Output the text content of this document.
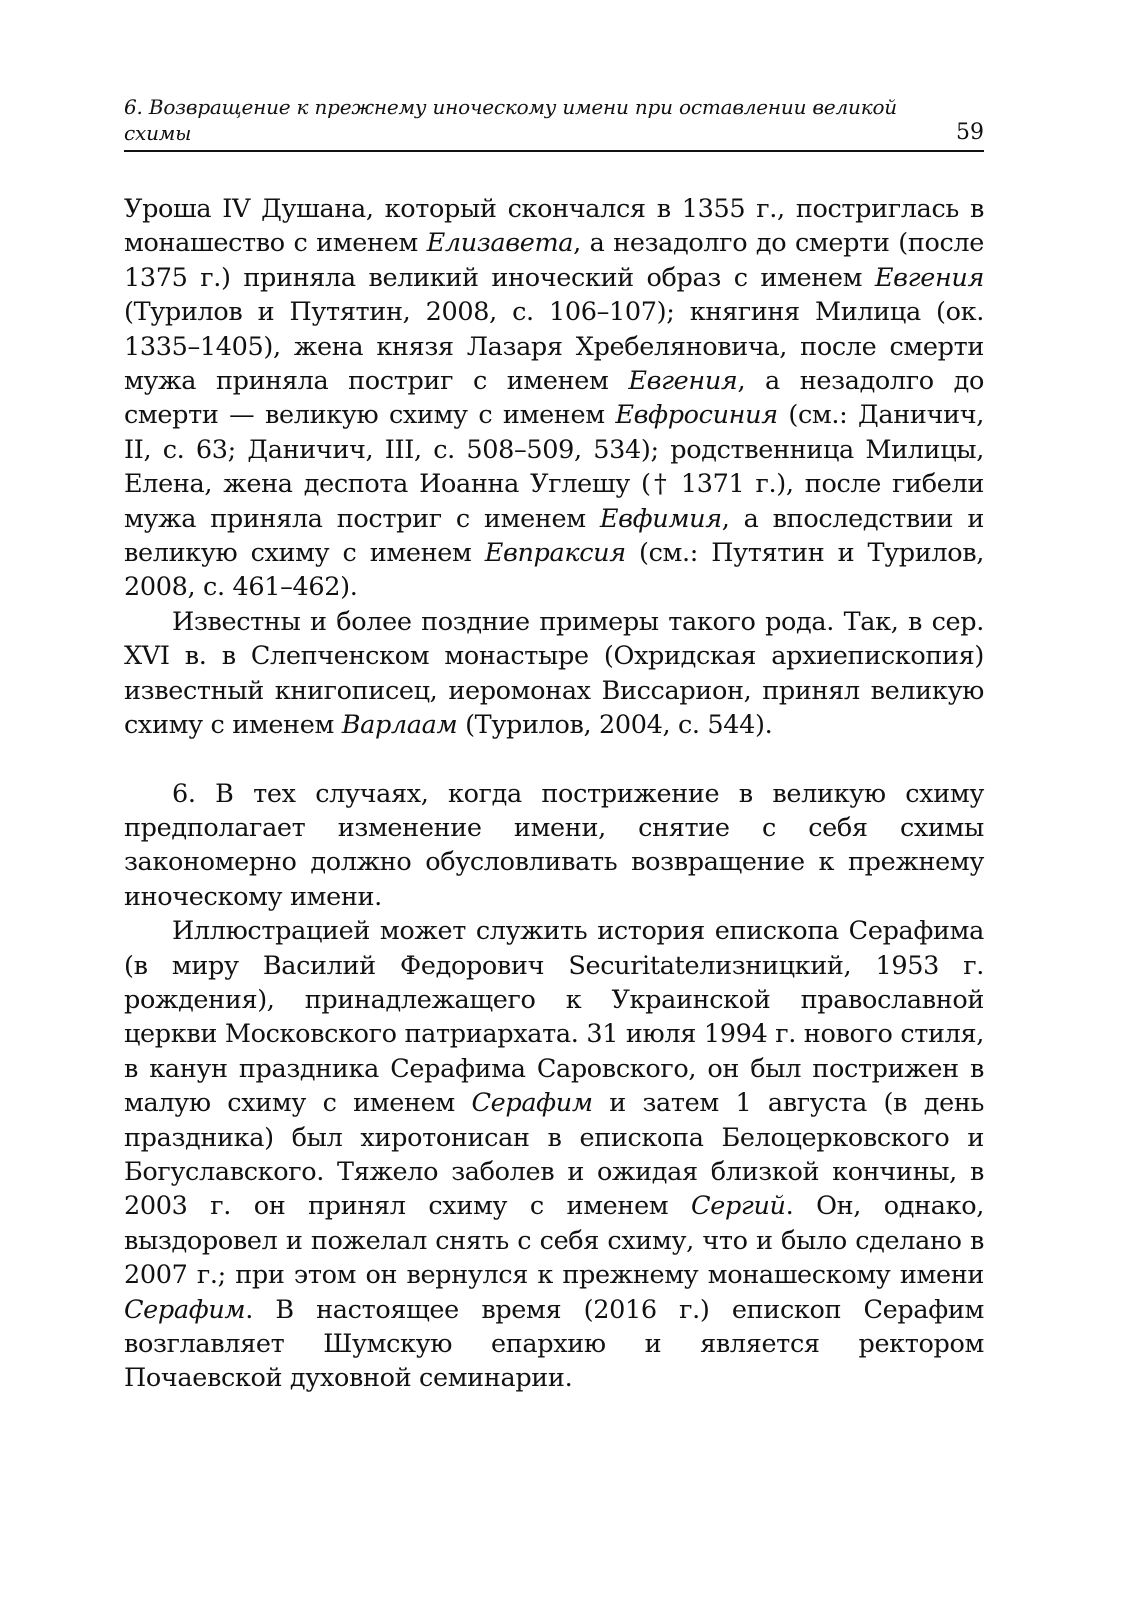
6. Возвращение к прежнему иноческому имени при оставлении великой схимы	59

Уроша IV Душана, который скончался в 1355 г., постриглась в монашество с именем Елизавета, а незадолго до смерти (после 1375 г.) приняла великий иноческий образ с именем Евгения (Турилов и Путятин, 2008, с. 106–107); княгиня Милица (ок. 1335–1405), жена князя Лазаря Хребеляновича, после смерти мужа приняла постриг с именем Евгения, а незадолго до смерти — великую схиму с именем Евфросиния (см.: Даничич, II, с. 63; Даничич, III, с. 508–509, 534); родственница Милицы, Елена, жена деспота Иоанна Углешу († 1371 г.), после гибели мужа приняла постриг с именем Евфимия, а впоследствии и великую схиму с именем Евпраксия (см.: Путятин и Турилов, 2008, с. 461–462).

Известны и более поздние примеры такого рода. Так, в сер. XVI в. в Слепченском монастыре (Охридская архиепископия) известный книгописец, иеромонах Виссарион, принял великую схиму с именем Варлаам (Турилов, 2004, с. 544).

6. В тех случаях, когда пострижение в великую схиму предполагает изменение имени, снятие с себя схимы закономерно должно обусловливать возвращение к прежнему иноческому имени.

Иллюстрацией может служить история епископа Серафима (в миру Василий Федорович Securitateлизницкий, 1953 г. рождения), принадлежащего к Украинской православной церкви Московского патриархата. 31 июля 1994 г. нового стиля, в канун праздника Серафима Саровского, он был пострижен в малую схиму с именем Серафим и затем 1 августа (в день праздника) был хиротонисан в епископа Белоцерковского и Богуславского. Тяжело заболев и ожидая близкой кончины, в 2003 г. он принял схиму с именем Сергий. Он, однако, выздоровел и пожелал снять с себя схиму, что и было сделано в 2007 г.; при этом он вернулся к прежнему монашескому имени Серафим. В настоящее время (2016 г.) епископ Серафим возглавляет Шумскую епархию и является ректором Почаевской духовной семинарии.
